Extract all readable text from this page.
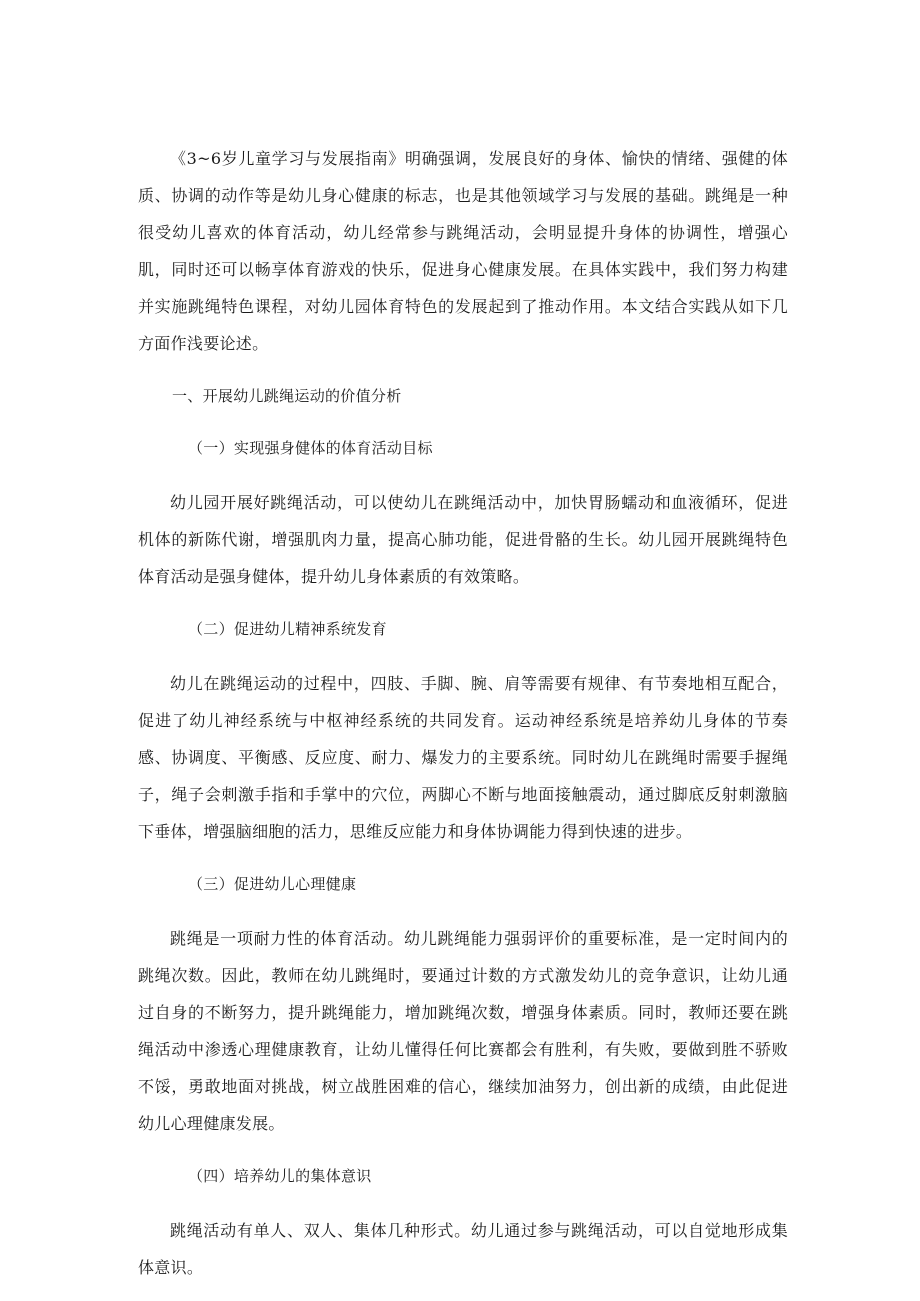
《3~6岁儿童学习与发展指南》明确强调，发展良好的身体、愉快的情绪、强健的体质、协调的动作等是幼儿身心健康的标志，也是其他领域学习与发展的基础。跳绳是一种很受幼儿喜欢的体育活动，幼儿经常参与跳绳活动，会明显提升身体的协调性，增强心肌，同时还可以畅享体育游戏的快乐，促进身心健康发展。在具体实践中，我们努力构建并实施跳绳特色课程，对幼儿园体育特色的发展起到了推动作用。本文结合实践从如下几方面作浅要论述。

一、开展幼儿跳绳运动的价值分析

（一）实现强身健体的体育活动目标

幼儿园开展好跳绳活动，可以使幼儿在跳绳活动中，加快胃肠蠕动和血液循环，促进机体的新陈代谢，增强肌肉力量，提高心肺功能，促进骨骼的生长。幼儿园开展跳绳特色体育活动是强身健体，提升幼儿身体素质的有效策略。

（二）促进幼儿精神系统发育

幼儿在跳绳运动的过程中，四肢、手脚、腕、肩等需要有规律、有节奏地相互配合，促进了幼儿神经系统与中枢神经系统的共同发育。运动神经系统是培养幼儿身体的节奏感、协调度、平衡感、反应度、耐力、爆发力的主要系统。同时幼儿在跳绳时需要手握绳子，绳子会刺激手指和手掌中的穴位，两脚心不断与地面接触震动，通过脚底反射刺激脑下垂体，增强脑细胞的活力，思维反应能力和身体协调能力得到快速的进步。

（三）促进幼儿心理健康

跳绳是一项耐力性的体育活动。幼儿跳绳能力强弱评价的重要标准，是一定时间内的跳绳次数。因此，教师在幼儿跳绳时，要通过计数的方式激发幼儿的竞争意识，让幼儿通过自身的不断努力，提升跳绳能力，增加跳绳次数，增强身体素质。同时，教师还要在跳绳活动中渗透心理健康教育，让幼儿懂得任何比赛都会有胜利，有失败，要做到胜不骄败不馁，勇敢地面对挑战，树立战胜困难的信心，继续加油努力，创出新的成绩，由此促进幼儿心理健康发展。

（四）培养幼儿的集体意识

跳绳活动有单人、双人、集体几种形式。幼儿通过参与跳绳活动，可以自觉地形成集体意识。
